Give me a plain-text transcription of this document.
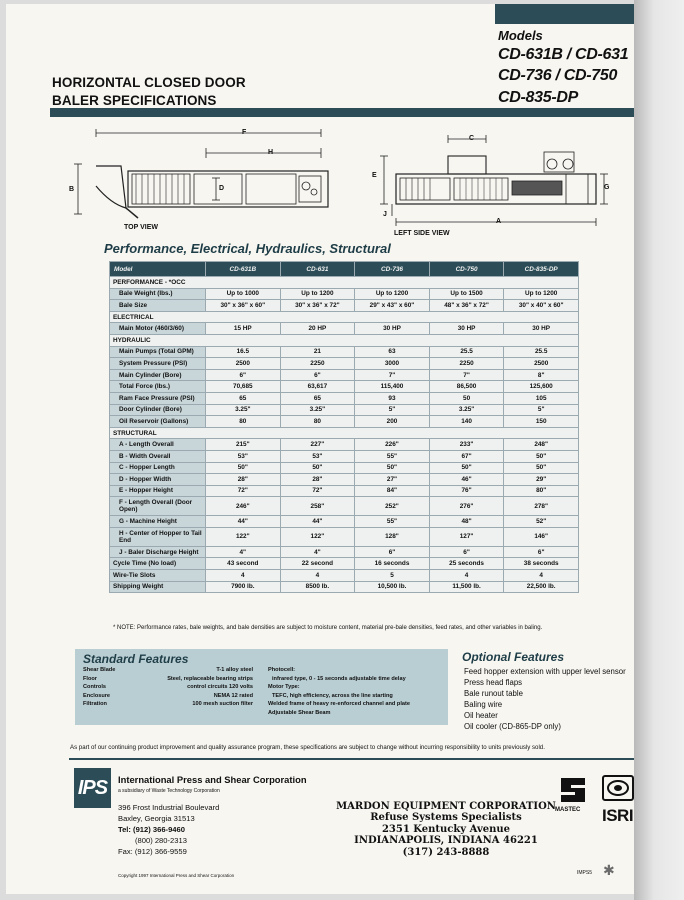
Models
CD-631B / CD-631
CD-736 / CD-750
CD-835-DP
HORIZONTAL CLOSED DOOR
BALER SPECIFICATIONS
F
H
B	D
TOP VIEW
C
E
G
J
A
LEFT SIDE VIEW
Performance, Electrical, Hydraulics, Structural
Model	CD-631B	CD-631	CD-736	CD-750	CD-835-DP
PERFORMANCE - *OCC					
Bale Weight (lbs.)	Up to 1000	Up to 1200	Up to 1200	Up to 1500	Up to 1200
Bale Size	30" x 36" x 60"	30" x 36" x 72"	29" x 43" x 60"	48" x 36" x 72"	30" x 40" x 60"
ELECTRICAL					
Main Motor (460/3/60)	15 HP	20 HP	30 HP	30 HP	30 HP
HYDRAULIC					
Main Pumps (Total GPM)	16.5	21	63	25.5	25.5
System Pressure (PSI)	2500	2250	3000	2250	2500
Main Cylinder (Bore)	6"	6"	7"	7"	8"
Total Force (lbs.)	70,685	63,617	115,400	86,500	125,600
Ram Face Pressure (PSI)	65	65	93	50	105
Door Cylinder (Bore)	3.25"	3.25"	5"	3.25"	5"
Oil Reservoir (Gallons)	80	80	200	140	150
STRUCTURAL					
A - Length Overall	215"	227"	226"	233"	248"
B - Width Overall	53"	53"	55"	67"	50"
C - Hopper Length	50"	50"	50"	50"	50"
D - Hopper Width	28"	28"	27"	46"	29"
E - Hopper Height	72"	72"	84"	76"	80"
F - Length Overall (Door Open)	246"	258"	252"	276"	278"
G - Machine Height	44"	44"	55"	48"	52"
H - Center of Hopper to Tail End	122"	122"	128"	127"	146"
J - Baler Discharge Height	4"	4"	6"	6"	6"
Cycle Time (No load)	43 second	22 second	16 seconds	25 seconds	38 seconds
Wire-Tie Slots	4	4	5	4	4
Shipping Weight	7900 lb.	8500 lb.	10,500 lb.	11,500 lb.	22,500 lb.
* NOTE: Performance rates, bale weights, and bale densities are subject to moisture content, material pre-bale densities, feed rates, and other variables in baling.
Standard Features
Shear Blade	T-1 alloy steel
Floor	Steel, replaceable bearing strips
Controls	control circuits 120 volts
Enclosure	NEMA 12 rated
Filtration	100 mesh suction filter
Photocell:
infrared type, 0 - 15 seconds adjustable time delay
Motor Type:
TEFC, high efficiency, across the line starting
Welded frame of heavy re-enforced channel and plate
Adjustable Shear Beam
Optional Features
Feed hopper extension with upper level sensor
Press head flaps
Bale runout table
Baling wire
Oil heater
Oil cooler (CD-865-DP only)
As part of our continuing product improvement and quality assurance program, these specifications are subject to change without incurring responsibility to units previously sold.
IPS	International Press and Shear Corporation
a subsidiary of Waste Technology Corporation
396 Frost Industrial Boulevard
Baxley, Georgia 31513
Tel: (912) 366-9460
(800) 280-2313
Fax: (912) 366-9559
Copyright 1997 International Press and Shear Corporation
MARDON EQUIPMENT CORPORATION
Refuse Systems Specialists
2351 Kentucky Avenue
INDIANAPOLIS, INDIANA 46221
(317) 243-8888
MASTEC ISRI
✱
IMPS5
